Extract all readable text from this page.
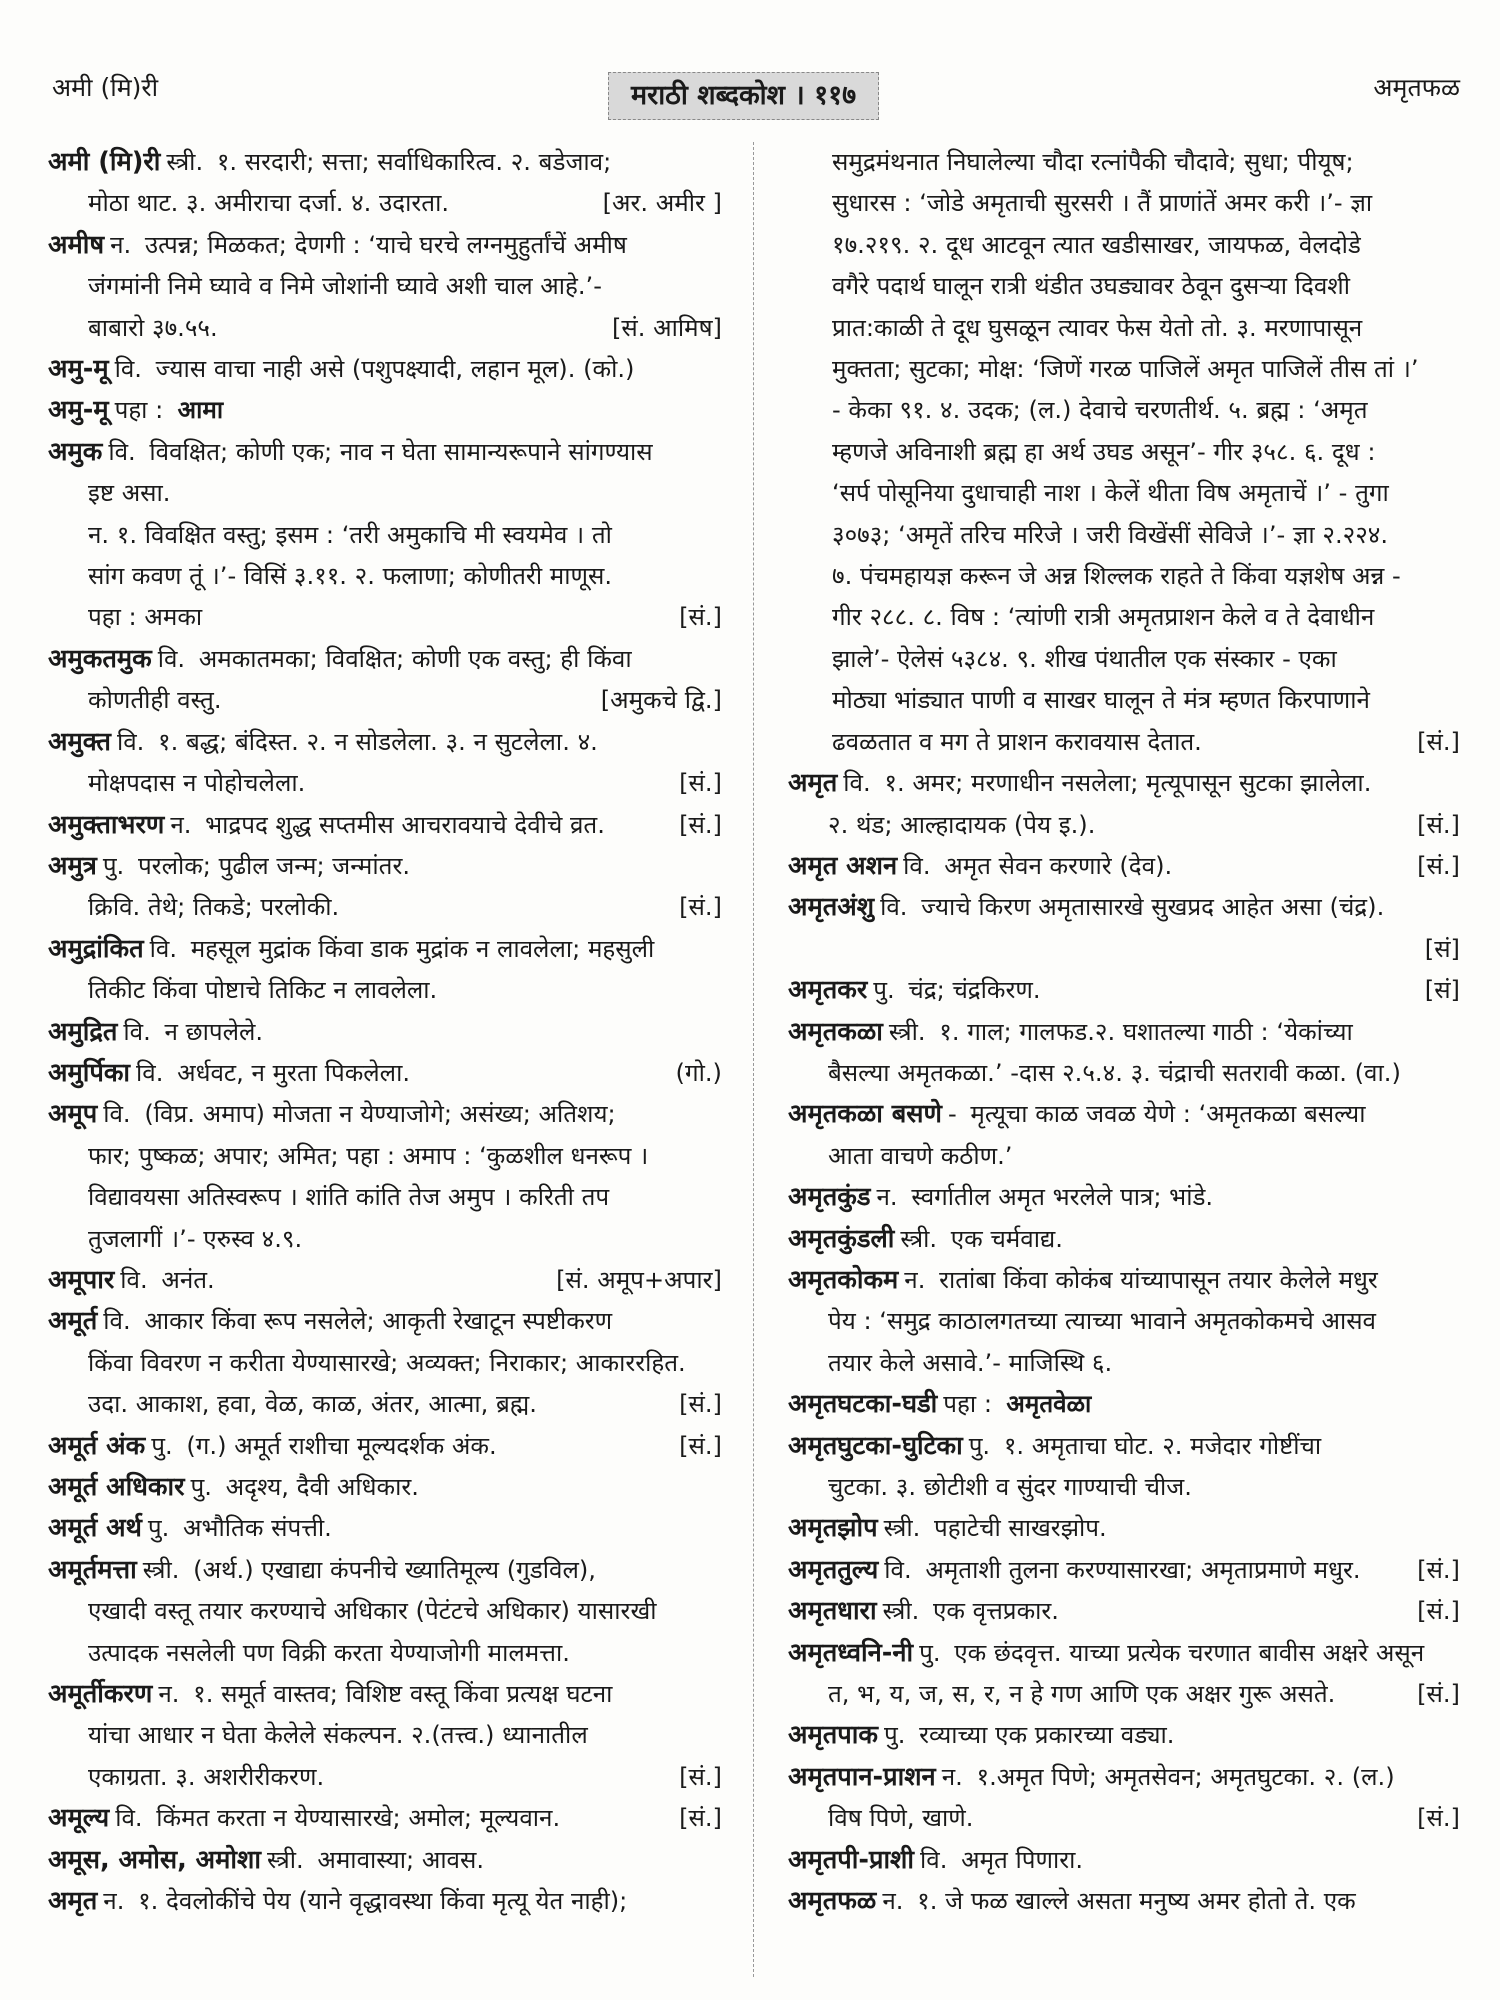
अमी (मि)री	मराठी शब्दकोश । ११७	अमृतफळ
अमी (मि)री स्त्री. १. सरदारी; सत्ता; सर्वाधिकारित्व. २. बडेजाव;
मोठा थाट. ३. अमीराचा दर्जा. ४. उदारता.	[अर. अमीर ]
अमीष न. उत्पन्न; मिळकत; देणगी : ‘याचे घरचे लग्नमुहुर्तांचें अमीष
जंगमांनी निमे घ्यावे व निमे जोशांनी घ्यावे अशी चाल आहे.’-
बाबारो ३७.५५.	[सं. आमिष]
अमु-मू वि. ज्यास वाचा नाही असे (पशुपक्ष्यादी, लहान मूल). (को.)
अमु-मू पहा : आमा
अमुक वि. विवक्षित; कोणी एक; नाव न घेता सामान्यरूपाने सांगण्यास
इष्ट असा.
न. १. विवक्षित वस्तु; इसम : ‘तरी अमुकाचि मी स्वयमेव । तो
सांग कवण तूं ।’- विसिं ३.११. २. फलाणा; कोणीतरी माणूस.
पहा : अमका	[सं.]
अमुकतमुक वि. अमकातमका; विवक्षित; कोणी एक वस्तु; ही किंवा
कोणतीही वस्तु.	[अमुकचे द्वि.]
अमुक्त वि. १. बद्ध; बंदिस्त. २. न सोडलेला. ३. न सुटलेला. ४.
मोक्षपदास न पोहोचलेला.	[सं.]
अमुक्ताभरण न. भाद्रपद शुद्ध सप्तमीस आचरावयाचे देवीचे व्रत.	[सं.]
अमुत्र पु. परलोक; पुढील जन्म; जन्मांतर.
क्रिवि. तेथे; तिकडे; परलोकी.	[सं.]
अमुद्रांकित वि. महसूल मुद्रांक किंवा डाक मुद्रांक न लावलेला; महसुली
तिकीट किंवा पोष्टाचे तिकिट न लावलेला.
अमुद्रित वि. न छापलेले.
अमुर्पिका वि. अर्धवट, न मुरता पिकलेला.	(गो.)
अमूप वि. (विप्र. अमाप) मोजता न येण्याजोगे; असंख्य; अतिशय;
फार; पुष्कळ; अपार; अमित; पहा : अमाप : ‘कुळशील धनरूप ।
विद्यावयसा अतिस्वरूप । शांति कांति तेज अमुप । करिती तप
तुजलागीं ।’- एरुस्व ४.९.
अमूपार वि. अनंत.	[सं. अमूप+अपार]
अमूर्त वि. आकार किंवा रूप नसलेले; आकृती रेखाटून स्पष्टीकरण
किंवा विवरण न करीता येण्यासारखे; अव्यक्त; निराकार; आकाररहित.
उदा. आकाश, हवा, वेळ, काळ, अंतर, आत्मा, ब्रह्म.	[सं.]
अमूर्त अंक पु. (ग.) अमूर्त राशीचा मूल्यदर्शक अंक.	[सं.]
अमूर्त अधिकार पु. अदृश्य, दैवी अधिकार.
अमूर्त अर्थ पु. अभौतिक संपत्ती.
अमूर्तमत्ता स्त्री. (अर्थ.) एखाद्या कंपनीचे ख्यातिमूल्य (गुडविल),
एखादी वस्तू तयार करण्याचे अधिकार (पेटंटचे अधिकार) यासारखी
उत्पादक नसलेली पण विक्री करता येण्याजोगी मालमत्ता.
अमूर्तीकरण न. १. समूर्त वास्तव; विशिष्ट वस्तू किंवा प्रत्यक्ष घटना
यांचा आधार न घेता केलेले संकल्पन. २.(तत्त्व.) ध्यानातील
एकाग्रता. ३. अशरीरीकरण.	[सं.]
अमूल्य वि. किंमत करता न येण्यासारखे; अमोल; मूल्यवान.	[सं.]
अमूस, अमोस, अमोशा स्त्री. अमावास्या; आवस.
अमृत न. १. देवलोकींचे पेय (याने वृद्धावस्था किंवा मृत्यू येत नाही);
समुद्रमंथनात निघालेल्या चौदा रत्नांपैकी चौदावे; सुधा; पीयूष;
सुधारस : ‘जोडे अमृताची सुरसरी । तैं प्राणांतें अमर करी ।’- ज्ञा
१७.२१९. २. दूध आटवून त्यात खडीसाखर, जायफळ, वेलदोडे
वगैरे पदार्थ घालून रात्री थंडीत उघड्यावर ठेवून दुसऱ्या दिवशी
प्रात:काळी ते दूध घुसळून त्यावर फेस येतो तो. ३. मरणापासून
मुक्तता; सुटका; मोक्ष: ‘जिणें गरळ पाजिलें अमृत पाजिलें तीस तां ।’
- केका ९१. ४. उदक; (ल.) देवाचे चरणतीर्थ. ५. ब्रह्म : ‘अमृत
म्हणजे अविनाशी ब्रह्म हा अर्थ उघड असून’- गीर ३५८. ६. दूध :
‘सर्प पोसूनिया दुधाचाही नाश । केलें थीता विष अमृताचें ।’ - तुगा
३०७३; ‘अमृतें तरिच मरिजे । जरी विखेंसीं सेविजे ।’- ज्ञा २.२२४.
७. पंचमहायज्ञ करून जे अन्न शिल्लक राहते ते किंवा यज्ञशेष अन्न -
गीर २८८. ८. विष : ‘त्यांणी रात्री अमृतप्राशन केले व ते देवाधीन
झाले’- ऐलेसं ५३८४. ९. शीख पंथातील एक संस्कार - एका
मोठ्या भांड्यात पाणी व साखर घालून ते मंत्र म्हणत किरपाणाने
ढवळतात व मग ते प्राशन करावयास देतात.	[सं.]
अमृत वि. १. अमर; मरणाधीन नसलेला; मृत्यूपासून सुटका झालेला.
२. थंड; आल्हादायक (पेय इ.).	[सं.]
अमृत अशन वि. अमृत सेवन करणारे (देव).	[सं.]
अमृतअंशु वि. ज्याचे किरण अमृतासारखे सुखप्रद आहेत असा (चंद्र).
[सं]
अमृतकर पु. चंद्र; चंद्रकिरण.	[सं]
अमृतकळा स्त्री. १. गाल; गालफड.२. घशातल्या गाठी : ‘येकांच्या
बैसल्या अमृतकळा.’ -दास २.५.४. ३. चंद्राची सतरावी कळा. (वा.)
अमृतकळा बसणे - मृत्यूचा काळ जवळ येणे : ‘अमृतकळा बसल्या
आता वाचणे कठीण.’
अमृतकुंड न. स्वर्गातील अमृत भरलेले पात्र; भांडे.
अमृतकुंडली स्त्री. एक चर्मवाद्य.
अमृतकोकम न. रातांबा किंवा कोकंब यांच्यापासून तयार केलेले मधुर
पेय : ‘समुद्र काठालगतच्या त्याच्या भावाने अमृतकोकमचे आसव
तयार केले असावे.’- माजिस्थि ६.
अमृतघटका-घडी पहा : अमृतवेळा
अमृतघुटका-घुटिका पु. १. अमृताचा घोट. २. मजेदार गोष्टींचा
चुटका. ३. छोटीशी व सुंदर गाण्याची चीज.
अमृतझोप स्त्री. पहाटेची साखरझोप.
अमृततुल्य वि. अमृताशी तुलना करण्यासारखा; अमृताप्रमाणे मधुर. [सं.]
अमृतधारा स्त्री. एक वृत्तप्रकार.	[सं.]
अमृतध्वनि-नी पु. एक छंदवृत्त. याच्या प्रत्येक चरणात बावीस अक्षरे असून
त, भ, य, ज, स, र, न हे गण आणि एक अक्षर गुरू असते.	[सं.]
अमृतपाक पु. रव्याच्या एक प्रकारच्या वड्या.
अमृतपान-प्राशन न. १.अमृत पिणे; अमृतसेवन; अमृतघुटका. २. (ल.)
विष पिणे, खाणे.	[सं.]
अमृतपी-प्राशी वि. अमृत पिणारा.
अमृतफळ न. १. जे फळ खाल्ले असता मनुष्य अमर होतो ते. एक
